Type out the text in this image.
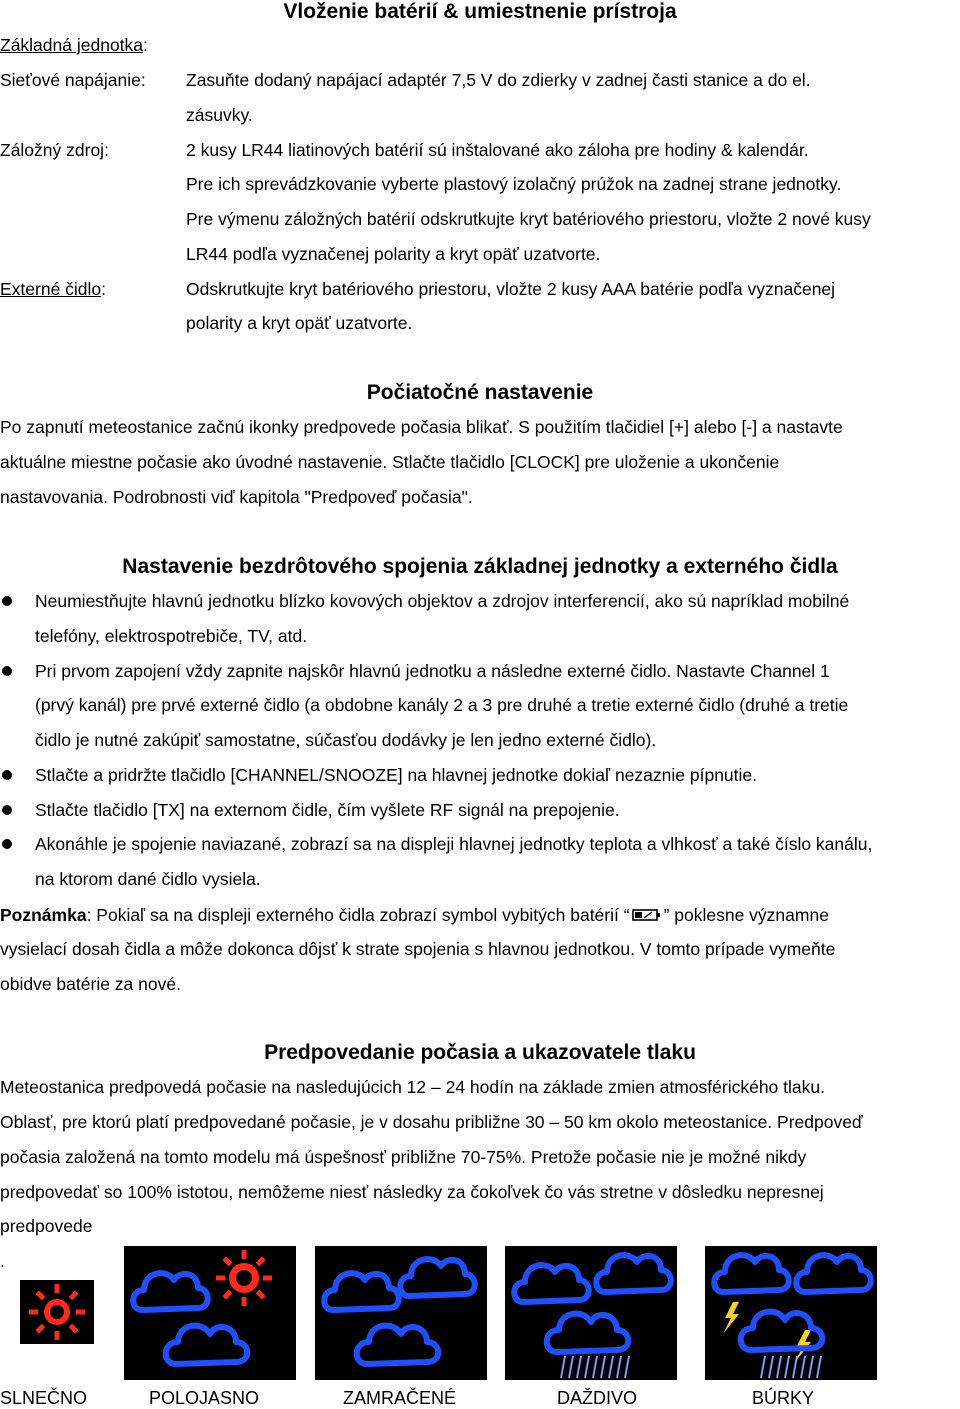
Vloženie batérií & umiestnenie prístroja
Základná jednotka:
Sieťové napájanie: Zasuňte dodaný napájací adaptér 7,5 V do zdierky v zadnej časti stanice a do el.
zásuvky.
Záložný zdroj:	2 kusy LR44 liatinových batérií sú inštalované ako záloha pre hodiny & kalendár.
Pre ich sprevádzkovanie vyberte plastový izolačný prúžok na zadnej strane jednotky.
Pre výmenu záložných batérií odskrutkujte kryt batériového priestoru, vložte 2 nové kusy
LR44 podľa vyznačenej polarity a kryt opäť uzatvorte.
Externé čidlo:	Odskrutkujte kryt batériového priestoru, vložte 2 kusy AAA batérie podľa vyznačenej
polarity a kryt opäť uzatvorte.
Počiatočné nastavenie
Po zapnutí meteostanice začnú ikonky predpovede počasia blikať. S použitím tlačidiel [+] alebo [-] a nastavte
aktuálne miestne počasie ako úvodné nastavenie. Stlačte tlačidlo [CLOCK] pre uloženie a ukončenie
nastavovania. Podrobnosti viď kapitola "Predpoveď počasia".
Nastavenie bezdrôtového spojenia základnej jednotky a externého čidla
Neumiestňujte hlavnú jednotku blízko kovových objektov a zdrojov interferencií, ako sú napríklad mobilné
telefóny, elektrospotrebiče, TV, atd.
Pri prvom zapojení vždy zapnite najskôr hlavnú jednotku a následne externé čidlo. Nastavte Channel 1
(prvý kanál) pre prvé externé čidlo (a obdobne kanály 2 a 3 pre druhé a tretie externé čidlo (druhé a tretie
čidlo je nutné zakúpiť samostatne, súčasťou dodávky je len jedno externé čidlo).
Stlačte a pridržte tlačidlo [CHANNEL/SNOOZE] na hlavnej jednotke dokiaľ nezaznie pípnutie.
Stlačte tlačidlo [TX] na externom čidle, čím vyšlete RF signál na prepojenie.
Akonáhle je spojenie naviazané, zobrazí sa na displeji hlavnej jednotky teplota a vlhkosť a také číslo kanálu,
na ktorom dané čidlo vysiela.
Poznámka: Pokiaľ sa na displeji externého čidla zobrazí symbol vybitých batérií “ ” poklesne významne
vysielací dosah čidla a môže dokonca dôjsť k strate spojenia s hlavnou jednotkou. V tomto prípade vymeňte
obidve batérie za nové.
Predpovedanie počasia a ukazovatele tlaku
Meteostanica predpovedá počasie na nasledujúcich 12 – 24 hodín na základe zmien atmosférického tlaku.
Oblasť, pre ktorú platí predpovedané počasie, je v dosahu približne 30 – 50 km okolo meteostanice. Predpoveď
počasia založená na tomto modelu má úspešnosť približne 70-75%. Pretože počasie nie je možné nikdy
predpovedať so 100% istotou, nemôžeme niesť následky za čokoľvek čo vás stretne v dôsledku nepresnej
predpovede
.
SLNEČNO	POLOJASNO	ZAMRAČENÉ	DAŽDIVO	BÚRKY
